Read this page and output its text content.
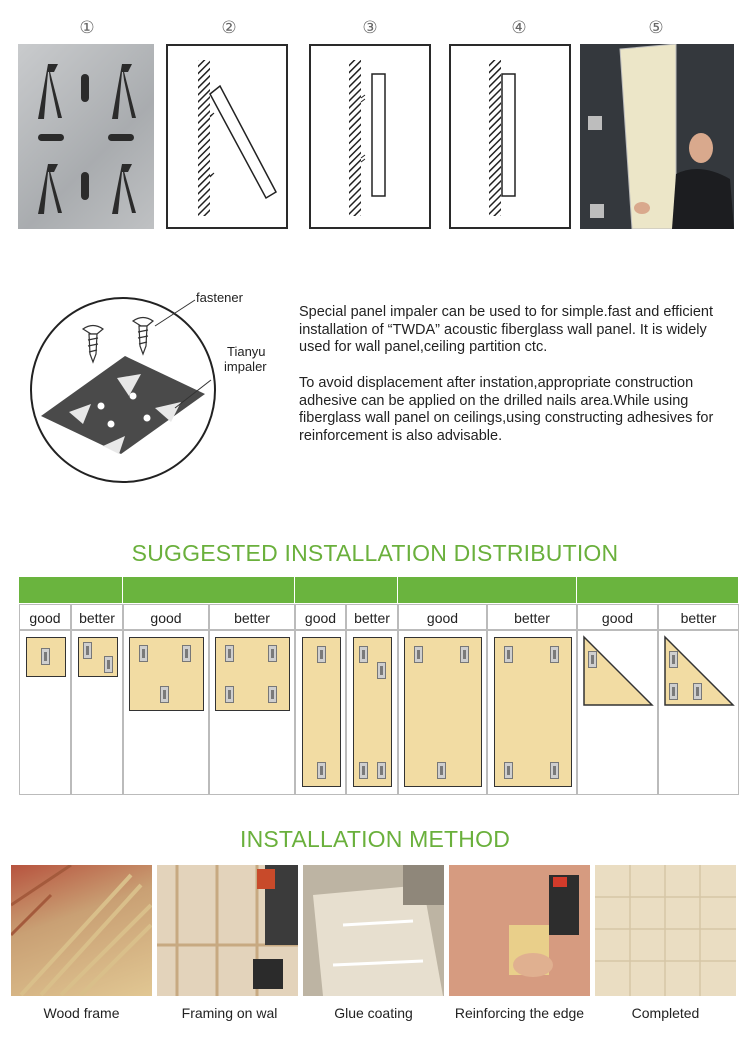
①	②	③	④	⑤
fastener
Tianyu
impaler
Special panel impaler can be used to for simple.fast and efficient installation of “TWDA” acoustic fiberglass wall panel. It is widely used for wall panel,ceiling partition ctc.
To avoid displacement after instation,appropriate construction adhesive can be applied on the drilled nails area.While using fiberglass wall panel on ceilings,using constructing adhesives for reinforcement is also advisable.
SUGGESTED INSTALLATION DISTRIBUTION
good	better	good	better	good	better	good	better	good	better
INSTALLATION METHOD
Wood frame	Framing on wal	Glue coating	Reinforcing the edge	Completed
